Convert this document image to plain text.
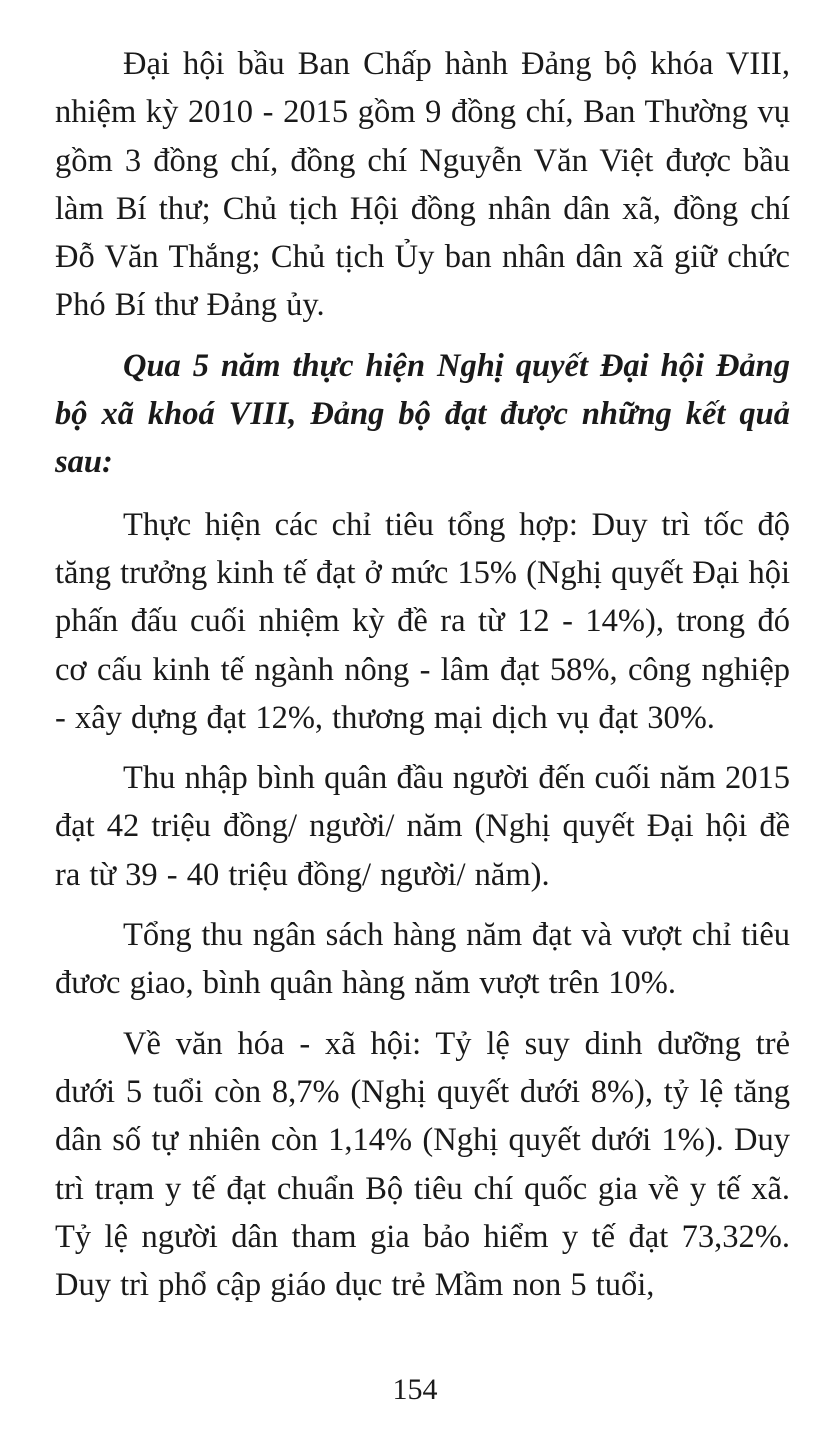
Đại hội bầu Ban Chấp hành Đảng bộ khóa VIII, nhiệm kỳ 2010 - 2015 gồm 9 đồng chí, Ban Thường vụ gồm 3 đồng chí, đồng chí Nguyễn Văn Việt được bầu làm Bí thư; Chủ tịch Hội đồng nhân dân xã, đồng chí Đỗ Văn Thắng; Chủ tịch Ủy ban nhân dân xã giữ chức Phó Bí thư Đảng ủy.

Qua 5 năm thực hiện Nghị quyết Đại hội Đảng bộ xã khoá VIII, Đảng bộ đạt được những kết quả sau:

Thực hiện các chỉ tiêu tổng hợp: Duy trì tốc độ tăng trưởng kinh tế đạt ở mức 15% (Nghị quyết Đại hội phấn đấu cuối nhiệm kỳ đề ra từ 12 - 14%), trong đó cơ cấu kinh tế ngành nông - lâm đạt 58%, công nghiệp - xây dựng đạt 12%, thương mại dịch vụ đạt 30%.

Thu nhập bình quân đầu người đến cuối năm 2015 đạt 42 triệu đồng/ người/ năm (Nghị quyết Đại hội đề ra từ 39 - 40 triệu đồng/ người/ năm).

Tổng thu ngân sách hàng năm đạt và vượt chỉ tiêu đươc giao, bình quân hàng năm vượt trên 10%.

Về văn hóa - xã hội: Tỷ lệ suy dinh dưỡng trẻ dưới 5 tuổi còn 8,7% (Nghị quyết dưới 8%), tỷ lệ tăng dân số tự nhiên còn 1,14% (Nghị quyết dưới 1%). Duy trì trạm y tế đạt chuẩn Bộ tiêu chí quốc gia về y tế xã. Tỷ lệ người dân tham gia bảo hiểm y tế đạt 73,32%. Duy trì phổ cập giáo dục trẻ Mầm non 5 tuổi,

154
